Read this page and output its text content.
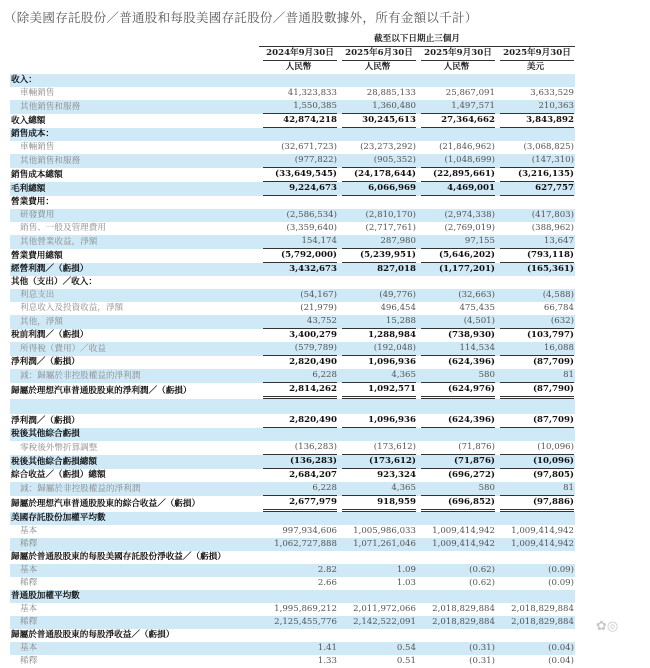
（除美國存託股份／普通股和每股美國存託股份／普通股數據外，所有金額以千計）
	截至以下日期止三個月			
	2024年9月30日	2025年6月30日	2025年9月30日	2025年9月30日
	人民幣	人民幣	人民幣	美元
收入：				
車輛銷售	41,323,833	28,885,133	25,867,091	3,633,529
其他銷售和服務	1,550,385	1,360,480	1,497,571	210,363
收入總額	42,874,218	30,245,613	27,364,662	3,843,892
銷售成本：				
車輛銷售	(32,671,723)	(23,273,292)	(21,846,962)	(3,068,825)
其他銷售和服務	(977,822)	(905,352)	(1,048,699)	(147,310)
銷售成本總額	(33,649,545)	(24,178,644)	(22,895,661)	(3,216,135)
毛利總額	9,224,673	6,066,969	4,469,001	627,757
營業費用：				
研發費用	(2,586,534)	(2,810,170)	(2,974,338)	(417,803)
銷售、一般及管理費用	(3,359,640)	(2,717,761)	(2,769,019)	(388,962)
其他營業收益，淨額	154,174	287,980	97,155	13,647
營業費用總額	(5,792,000)	(5,239,951)	(5,646,202)	(793,118)
經營利潤／（虧損）	3,432,673	827,018	(1,177,201)	(165,361)
其他（支出）／收入：				
利息支出	(54,167)	(49,776)	(32,663)	(4,588)
利息收入及投資收益，淨額	(21,979)	496,454	475,435	66,784
其他，淨額	43,752	15,288	(4,501)	(632)
稅前利潤／（虧損）	3,400,279	1,288,984	(738,930)	(103,797)
所得稅（費用）／收益	(579,789)	(192,048)	114,534	16,088
淨利潤／（虧損）	2,820,490	1,096,936	(624,396)	(87,709)
減：歸屬於非控股權益的淨利潤	6,228	4,365	580	81
歸屬於理想汽車普通股股東的淨利潤／（虧損）	2,814,262	1,092,571	(624,976)	(87,790)

淨利潤／（虧損）	2,820,490	1,096,936	(624,396)	(87,709)
稅後其他綜合虧損				
零稅後外幣折算調整	(136,283)	(173,612)	(71,876)	(10,096)
稅後其他綜合虧損總額	(136,283)	(173,612)	(71,876)	(10,096)
綜合收益／（虧損）總額	2,684,207	923,324	(696,272)	(97,805)
減：歸屬於非控股權益的淨利潤	6,228	4,365	580	81
歸屬於理想汽車普通股股東的綜合收益／（虧損）	2,677,979	918,959	(696,852)	(97,886)
美國存託股份加權平均數				
基本	997,934,606	1,005,986,033	1,009,414,942	1,009,414,942
稀釋	1,062,727,888	1,071,261,046	1,009,414,942	1,009,414,942
歸屬於普通股股東的每股美國存託股份淨收益／（虧損）				
基本	2.82	1.09	(0.62)	(0.09)
稀釋	2.66	1.03	(0.62)	(0.09)
普通股加權平均數				
基本	1,995,869,212	2,011,972,066	2,018,829,884	2,018,829,884
稀釋	2,125,455,776	2,142,522,091	2,018,829,884	2,018,829,884
歸屬於普通股股東的每股淨收益／（虧損）				
基本	1.41	0.54	(0.31)	(0.04)
稀釋	1.33	0.51	(0.31)	(0.04)
✿◎
